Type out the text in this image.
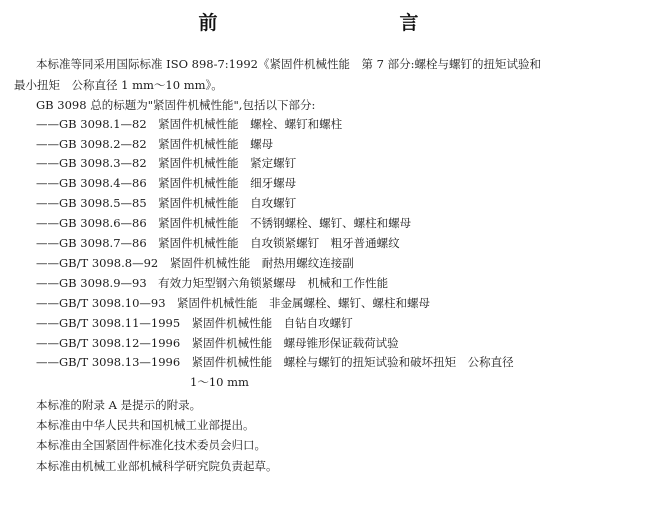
前　　言
本标准等同采用国际标准 ISO 898-7:1992《紧固件机械性能　第 7 部分:螺栓与螺钉的扭矩试验和
最小扭矩　公称直径 1 mm～10 mm》。
GB 3098 总的标题为"紧固件机械性能",包括以下部分:
——GB 3098.1—82　紧固件机械性能　螺栓、螺钉和螺柱
——GB 3098.2—82　紧固件机械性能　螺母
——GB 3098.3—82　紧固件机械性能　紧定螺钉
——GB 3098.4—86　紧固件机械性能　细牙螺母
——GB 3098.5—85　紧固件机械性能　自攻螺钉
——GB 3098.6—86　紧固件机械性能　不锈钢螺栓、螺钉、螺柱和螺母
——GB 3098.7—86　紧固件机械性能　自攻锁紧螺钉　粗牙普通螺纹
——GB/T 3098.8—92　紧固件机械性能　耐热用螺纹连接副
——GB 3098.9—93　有效力矩型钢六角锁紧螺母　机械和工作性能
——GB/T 3098.10—93　紧固件机械性能　非金属螺栓、螺钉、螺柱和螺母
——GB/T 3098.11—1995　紧固件机械性能　自钻自攻螺钉
——GB/T 3098.12—1996　紧固件机械性能　螺母锥形保证载荷试验
——GB/T 3098.13—1996　紧固件机械性能　螺栓与螺钉的扭矩试验和破坏扭矩　公称直径
1～10 mm
本标准的附录 A 是提示的附录。
本标准由中华人民共和国机械工业部提出。
本标准由全国紧固件标准化技术委员会归口。
本标准由机械工业部机械科学研究院负责起草。
